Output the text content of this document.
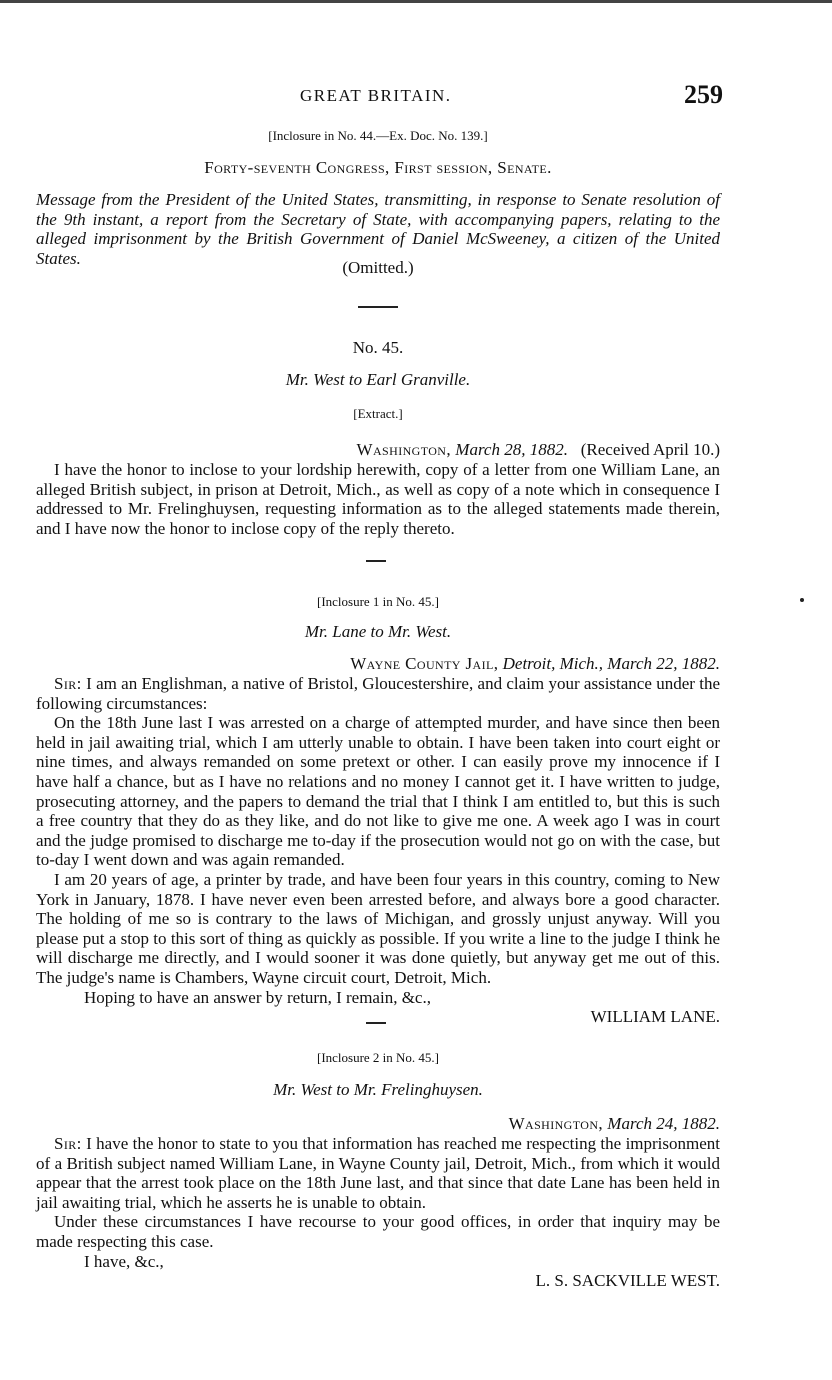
GREAT BRITAIN.	259
[Inclosure in No. 44.—Ex. Doc. No. 139.]
Forty-seventh Congress, First session, Senate.
Message from the President of the United States, transmitting, in response to Senate resolution of the 9th instant, a report from the Secretary of State, with accompanying papers, relating to the alleged imprisonment by the British Government of Daniel McSweeney, a citizen of the United States.	(Omitted.)
No. 45.
Mr. West to Earl Granville.
[Extract.]
Washington, March 28, 1882. (Received April 10.)
I have the honor to inclose to your lordship herewith, copy of a letter from one William Lane, an alleged British subject, in prison at Detroit, Mich., as well as copy of a note which in consequence I addressed to Mr. Frelinghuysen, requesting information as to the alleged statements made therein, and I have now the honor to inclose copy of the reply thereto.
[Inclosure 1 in No. 45.]
Mr. Lane to Mr. West.
Wayne County Jail, Detroit, Mich., March 22, 1882.

Sir: I am an Englishman, a native of Bristol, Gloucestershire, and claim your assistance under the following circumstances:

On the 18th June last I was arrested on a charge of attempted murder, and have since then been held in jail awaiting trial, which I am utterly unable to obtain. I have been taken into court eight or nine times, and always remanded on some pretext or other. I can easily prove my innocence if I have half a chance, but as I have no relations and no money I cannot get it. I have written to judge, prosecuting attorney, and the papers to demand the trial that I think I am entitled to, but this is such a free country that they do as they like, and do not like to give me one. A week ago I was in court and the judge promised to discharge me to-day if the prosecution would not go on with the case, but to-day I went down and was again remanded.

I am 20 years of age, a printer by trade, and have been four years in this country, coming to New York in January, 1878. I have never even been arrested before, and always bore a good character. The holding of me so is contrary to the laws of Michigan, and grossly unjust anyway. Will you please put a stop to this sort of thing as quickly as possible. If you write a line to the judge I think he will discharge me directly, and I would sooner it was done quietly, but anyway get me out of this. The judge's name is Chambers, Wayne circuit court, Detroit, Mich.

Hoping to have an answer by return, I remain, &c.,

WILLIAM LANE.

[Inclosure 2 in No. 45.]
Mr. West to Mr. Frelinghuysen.
Washington, March 24, 1882.

Sir: I have the honor to state to you that information has reached me respecting the imprisonment of a British subject named William Lane, in Wayne County jail, Detroit, Mich., from which it would appear that the arrest took place on the 18th June last, and that since that date Lane has been held in jail awaiting trial, which he asserts he is unable to obtain.

Under these circumstances I have recourse to your good offices, in order that inquiry may be made respecting this case.

I have, &c.,

L. S. SACKVILLE WEST.
